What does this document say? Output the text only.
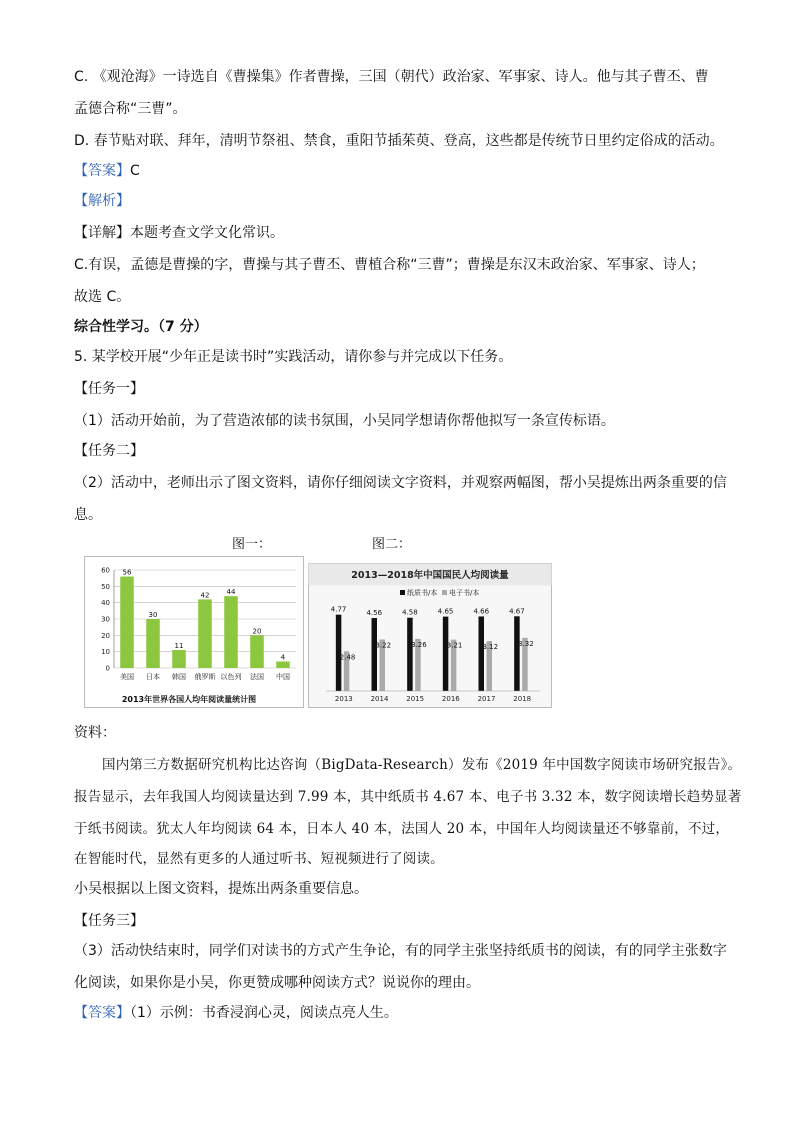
C. 《观沧海》一诗选自《曹操集》作者曹操，三国（朝代）政治家、军事家、诗人。他与其子曹丕、曹
孟德合称“三曹”。
D. 春节贴对联、拜年，清明节祭祖、禁食，重阳节插茱萸、登高，这些都是传统节日里约定俗成的活动。
【答案】C
【解析】
【详解】本题考查文学文化常识。
C.有误，孟德是曹操的字，曹操与其子曹丕、曹植合称“三曹”；曹操是东汉末政治家、军事家、诗人；
故选 C。
综合性学习。（7 分）
5. 某学校开展“少年正是读书时”实践活动，请你参与并完成以下任务。
【任务一】
（1）活动开始前，为了营造浓郁的读书氛围，小吴同学想请你帮他拟写一条宣传标语。
【任务二】
（2）活动中，老师出示了图文资料，请你仔细阅读文字资料，并观察两幅图，帮小吴提炼出两条重要的信
息。
图一：	图二：
0
10
20
30
40
50
60 56
美国
30
日本
11
韩国
42
俄罗斯
44
以色列
20
法国
4
中国
2013年世界各国人均年阅读量统计图
2013—2018年中国国民人均阅读量
纸质书/本 电子书/本
4.77
2.48
2013
4.56
3.22
2014
4.58
3.26
2015
4.65
3.21
2016
4.66
3.12
2017
4.67
3.32
2018
资料：
国内第三方数据研究机构比达咨询（BigData-Research）发布《2019 年中国数字阅读市场研究报告》。
报告显示，去年我国人均阅读量达到 7.99 本，其中纸质书 4.67 本、电子书 3.32 本，数字阅读增长趋势显著
于纸书阅读。犹太人年均阅读 64 本，日本人 40 本，法国人 20 本，中国年人均阅读量还不够靠前，不过，
在智能时代，显然有更多的人通过听书、短视频进行了阅读。
小吴根据以上图文资料，提炼出两条重要信息。
【任务三】
（3）活动快结束时，同学们对读书的方式产生争论，有的同学主张坚持纸质书的阅读，有的同学主张数字
化阅读，如果你是小吴，你更赞成哪种阅读方式？说说你的理由。
【答案】（1）示例：书香浸润心灵，阅读点亮人生。
